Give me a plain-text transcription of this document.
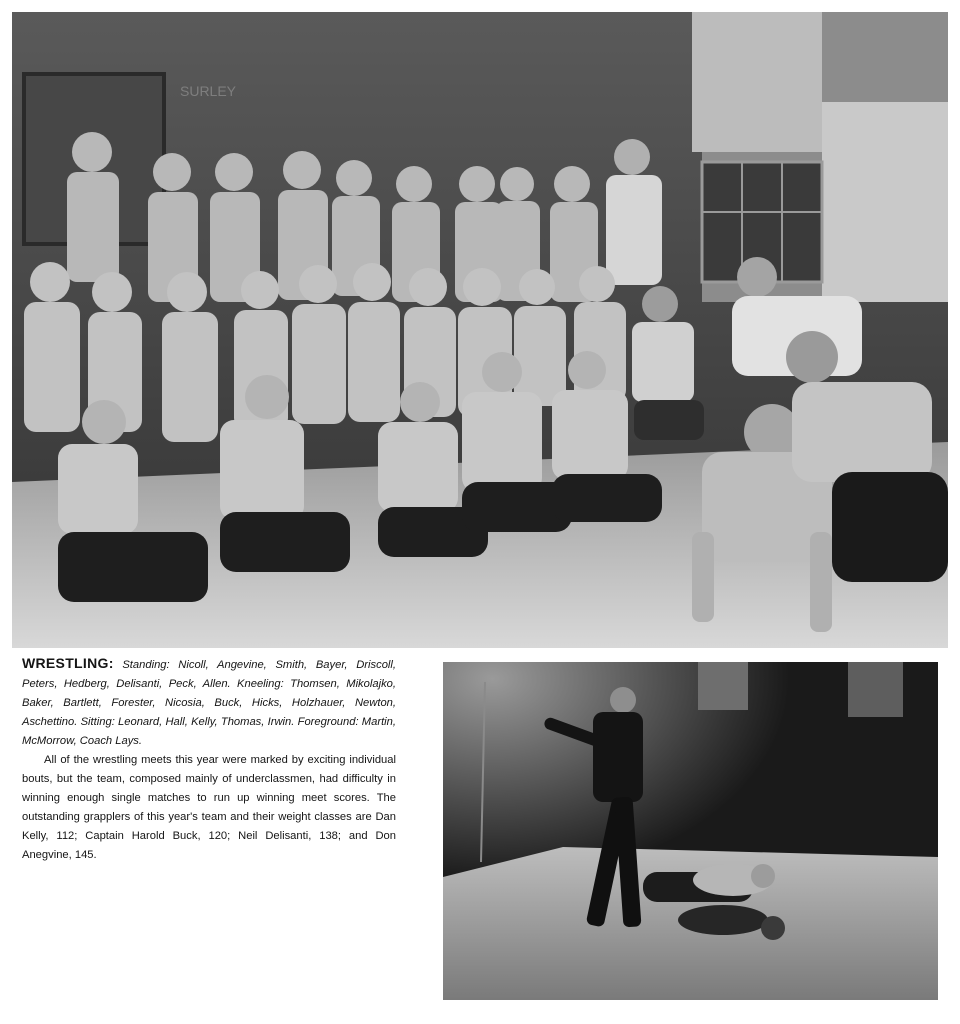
SURLEY

WRESTLING: Standing: Nicoll, Angevine, Smith, Bayer, Driscoll, Peters, Hedberg, Delisanti, Peck, Allen. Kneeling: Thomsen, Mikolajko, Baker, Bartlett, Forester, Nicosia, Buck, Hicks, Holzhauer, Newton, Aschettino. Sitting: Leonard, Hall, Kelly, Thomas, Irwin. Foreground: Martin, McMorrow, Coach Lays.

All of the wrestling meets this year were marked by exciting individual bouts, but the team, composed mainly of underclassmen, had difficulty in winning enough single matches to run up winning meet scores. The outstanding grapplers of this year's team and their weight classes are Dan Kelly, 112; Captain Harold Buck, 120; Neil Delisanti, 138; and Don Anegvine, 145.
